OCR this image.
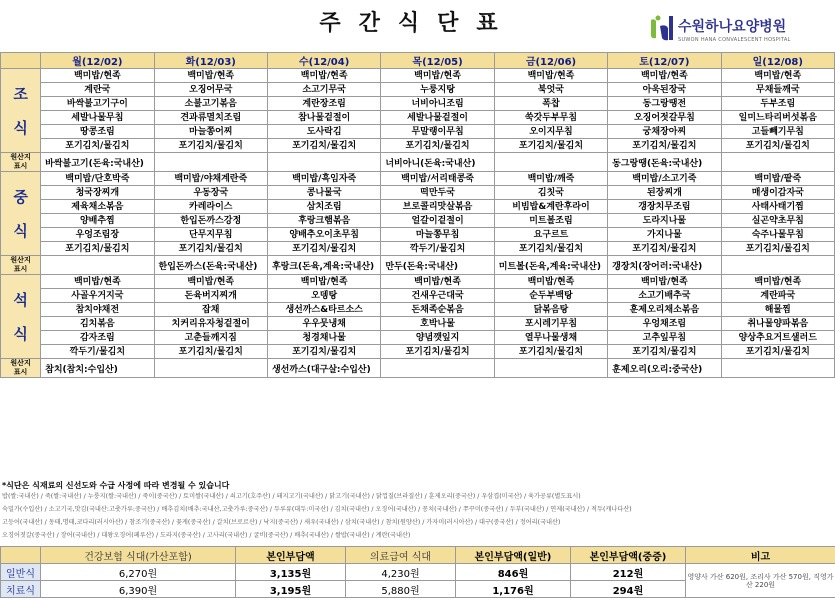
주간식단표	수원하나요양병원
SUWON HANA CONVALESCENT HOSPITAL
	월(12/02)	화(12/03)	수(12/04)	목(12/05)	금(12/06)	토(12/07)	일(12/08)
조
식	백미밥/현족	백미밥/현족	백미밥/현족	백미밥/현족	백미밥/현족	백미밥/현족	백미밥/현족
	계란국	오징어무국	소고기무국	누룽지탕	북엇국	아욱된장국	무채들깨국
	바싹불고기구이	소불고기볶음	계란장조림	너비아니조림	폭찹	동그랑땡전	두부조림
	세발나물무침	견과류멸치조림	참나물겉절이	세발나물겉절이	쑥갓두부무침	오징어젓갈무침	일미느타리버섯볶음
	땅콩조림	마늘쫑어찌	도사락김	무말랭이무침	오이지무침	궁채장아찌	고들빼기무침
	포기김치/물김치	포기김치/물김치	포기김치/물김치	포기김치/물김치	포기김치/물김치	포기김치/물김치	포기김치/물김치
원산지
표시	바싹불고기(돈육:국내산)			너비아니(돈육:국내산)		동그랑땡(돈육:국내산)	
중
식	백미밥/단호박죽	백미밥/야채계란죽	백미밥/흑임자죽	백미밥/서리태콩죽	백미밥/깨죽	백미밥/소고기죽	백미밥/팥죽
	청국장찌개	우동장국	콩나물국	떡만두국	김칫국	된장찌개	매생이감자국
	제육채소볶음	카레라이스	삼치조림	브로콜리맛살볶음	비빔밥&계란후라이	갱장치무조림	사태사태기찜
	양배추찜	한입돈까스강정	후랑크햄볶음	얼갈이겉절이	미트볼조림	도라지나물	실곤약초무침
	우엉조림장	단무지무침	양배추오이초무침	마늘쫑무침	요구르트	가지나물	숙주나물무침
	포기김치/물김치	포기김치/물김치	포기김치/물김치	깍두기/물김치	포기김치/물김치	포기김치/물김치	포기김치/물김치
원산지
표시		한입돈까스(돈육:국내산)	후랑크(돈육,계육:국내산)	만두(돈육:국내산)	미트볼(돈육,계육:국내산)	갱장치(장어러:국내산)	
석
식	백미밥/현족	백미밥/현족	백미밥/현족	백미밥/현족	백미밥/현족	백미밥/현족	백미밥/현족
	사골우거지국	돈육버지찌개	오뎅탕	건새우근대국	순두부백탕	소고기배추국	계란파국
	참치야채전	잡채	생선까스&타르소스	돈채족순볶음	닭볶음탕	훈제오리채소볶음	해물찜
	김치볶음	치커리유자청겉절이	우우뭇냉채	호박나물	포시레기무침	우엉채조림	취나물양파볶음
	감자조림	고춘들깨지짐	청경채나물	양념깻잎지	열무나물생채	고추잎무침	양상추요거트샐러드
	깍두기/물김치	포기김치/물김치	포기김치/물김치	포기김치/물김치	포기김치/물김치	포기김치/물김치	포기김치/물김치
원산지
표시	참치(참치:수입산)		생선까스(대구살:수입산)			훈제오리(오리:중국산)	
*식단은 식재료의 신선도와 수급 사정에 따라 변경될 수 있습니다
밥(쌀:국내산) / 죽(쌀:국내산) / 누룽지(쌀:국내산) / 죽이(중국산) / 토미쌀(국내산) / 쇠고기(호주산) / 돼지고기(국내산) / 닭고기(국내산) / 닭껍질(브라질산) / 훈제오리(중국산) / 우삼겹(미국산) / 육가공류(별도표시)
숙밀가(수입산) / 소고기국,맛김(국내산:고춧가루:중국산) / 배추김치(배추:국내산,고춧가루:중국산) / 두루류(대두:미국산) / 김치(국내산) / 오징어(국내산) / 꽁치(국내산) / 쭈꾸미(중국산) / 두부(국내산) / 연제(국내산) / 적두(캐나다산)
고등어(국내산) / 동태,명태,코다리(러시아산) / 참조기(중국산) / 꽃게(중국산) / 갈치(브로르산) / 낙지(중국산) / 새우(국내산) / 삼치(국내산) / 참치(원양산) / 가자미(러시아산) / 대구(중국산) / 정어리(국내산)
오징어젓갈(중국산) / 장어(국내산) / 대왕오징어(페루산) / 도라지(중국산) / 고사리(국내산) / 굴비(중국산) / 배추(국내산) / 쌀밥(국내산) / 계란(국내산)
	건강보험 식대(가산포함)	본인부담액	의료급여 식대	본인부담액(일반)	본인부담액(중증)	비고
일반식	6,270원	3,135원	4,230원	846원	212원	영양사 가산 620원, 조리사 가산 570원, 직영가산 220원
치료식	6,390원	3,195원	5,880원	1,176원	294원	
